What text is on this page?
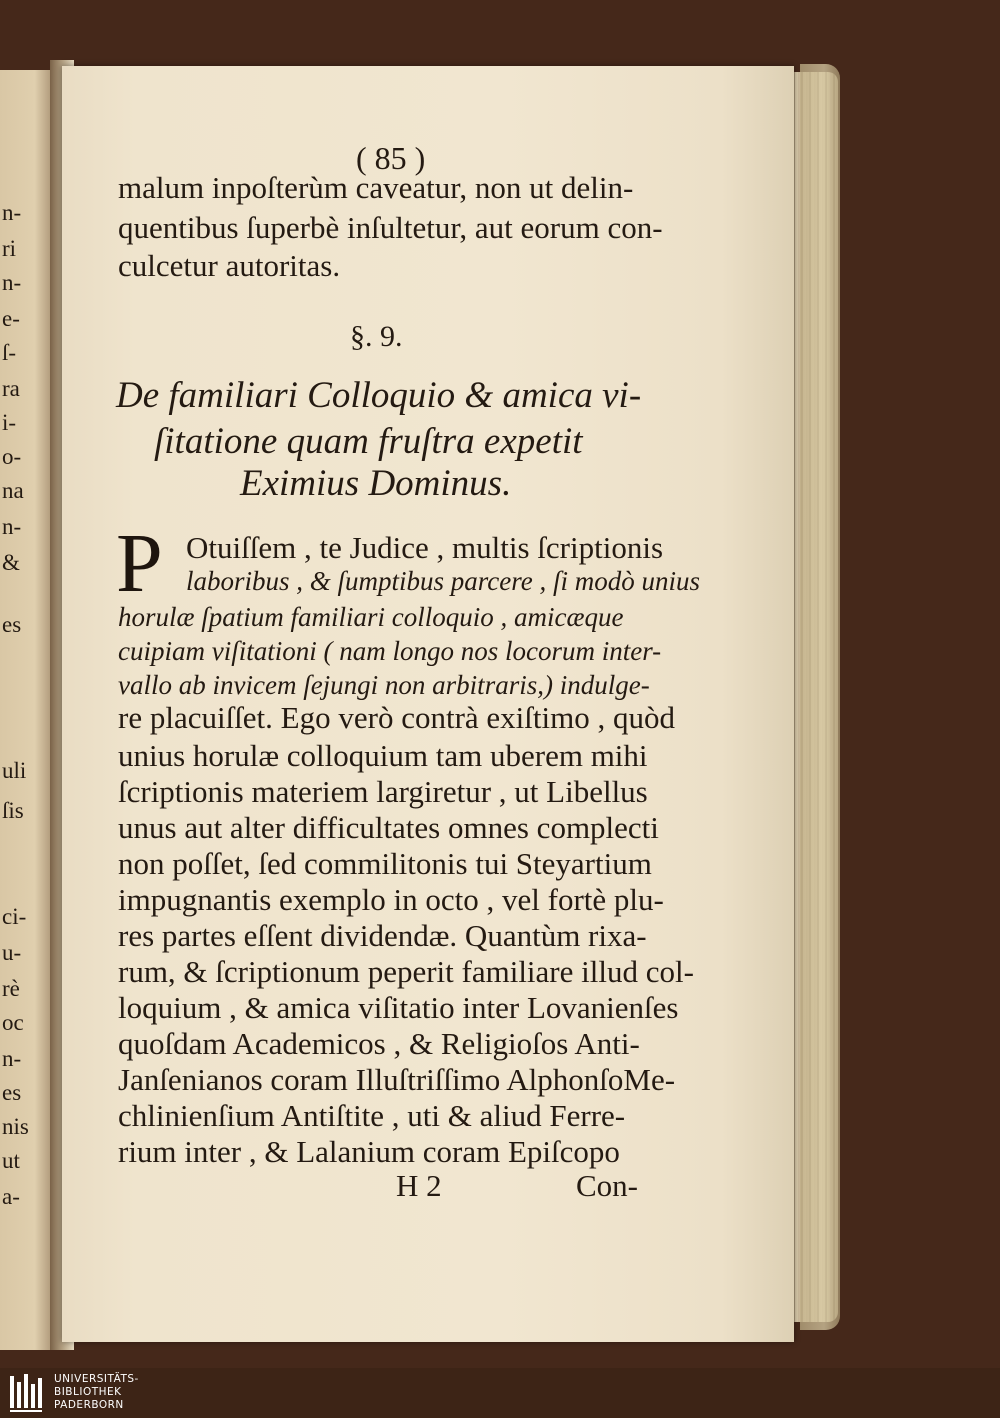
n-
ri
n-
e-
ſ-
ra
i-
o-
na
n-
&
es
uli
ſis
ci-
u-
rè
oc
n-
es
nis
ut
a-
( 85 )
malum inpoſterùm caveatur, non ut delin-
quentibus ſuperbè inſultetur, aut eorum con-
culcetur autoritas.
§. 9.
De familiari Colloquio & amica vi-
ſitatione quam fruſtra expetit
Eximius Dominus.
P Otuiſſem , te Judice , multis ſcriptionis
laboribus , & ſumptibus parcere , ſi modò unius
horulæ ſpatium familiari colloquio , amicæque
cuipiam viſitationi ( nam longo nos locorum inter-
vallo ab invicem ſejungi non arbitraris,) indulge-
re placuiſſet. Ego verò contrà exiſtimo , quòd
unius horulæ colloquium tam uberem mihi
ſcriptionis materiem largiretur , ut Libellus
unus aut alter difficultates omnes complecti
non poſſet, ſed commilitonis tui Steyartium
impugnantis exemplo in octo , vel fortè plu-
res partes eſſent dividendæ. Quantùm rixa-
rum, & ſcriptionum peperit familiare illud col-
loquium , & amica viſitatio inter Lovanienſes
quoſdam Academicos , & Religioſos Anti-
Janſenianos coram Illuſtriſſimo AlphonſoMe-
chlinienſium Antiſtite , uti & aliud Ferre-
rium inter , & Lalanium coram Epiſcopo
H 2	Con-
UNIVERSITÄTS-
BIBLIOTHEK
PADERBORN
